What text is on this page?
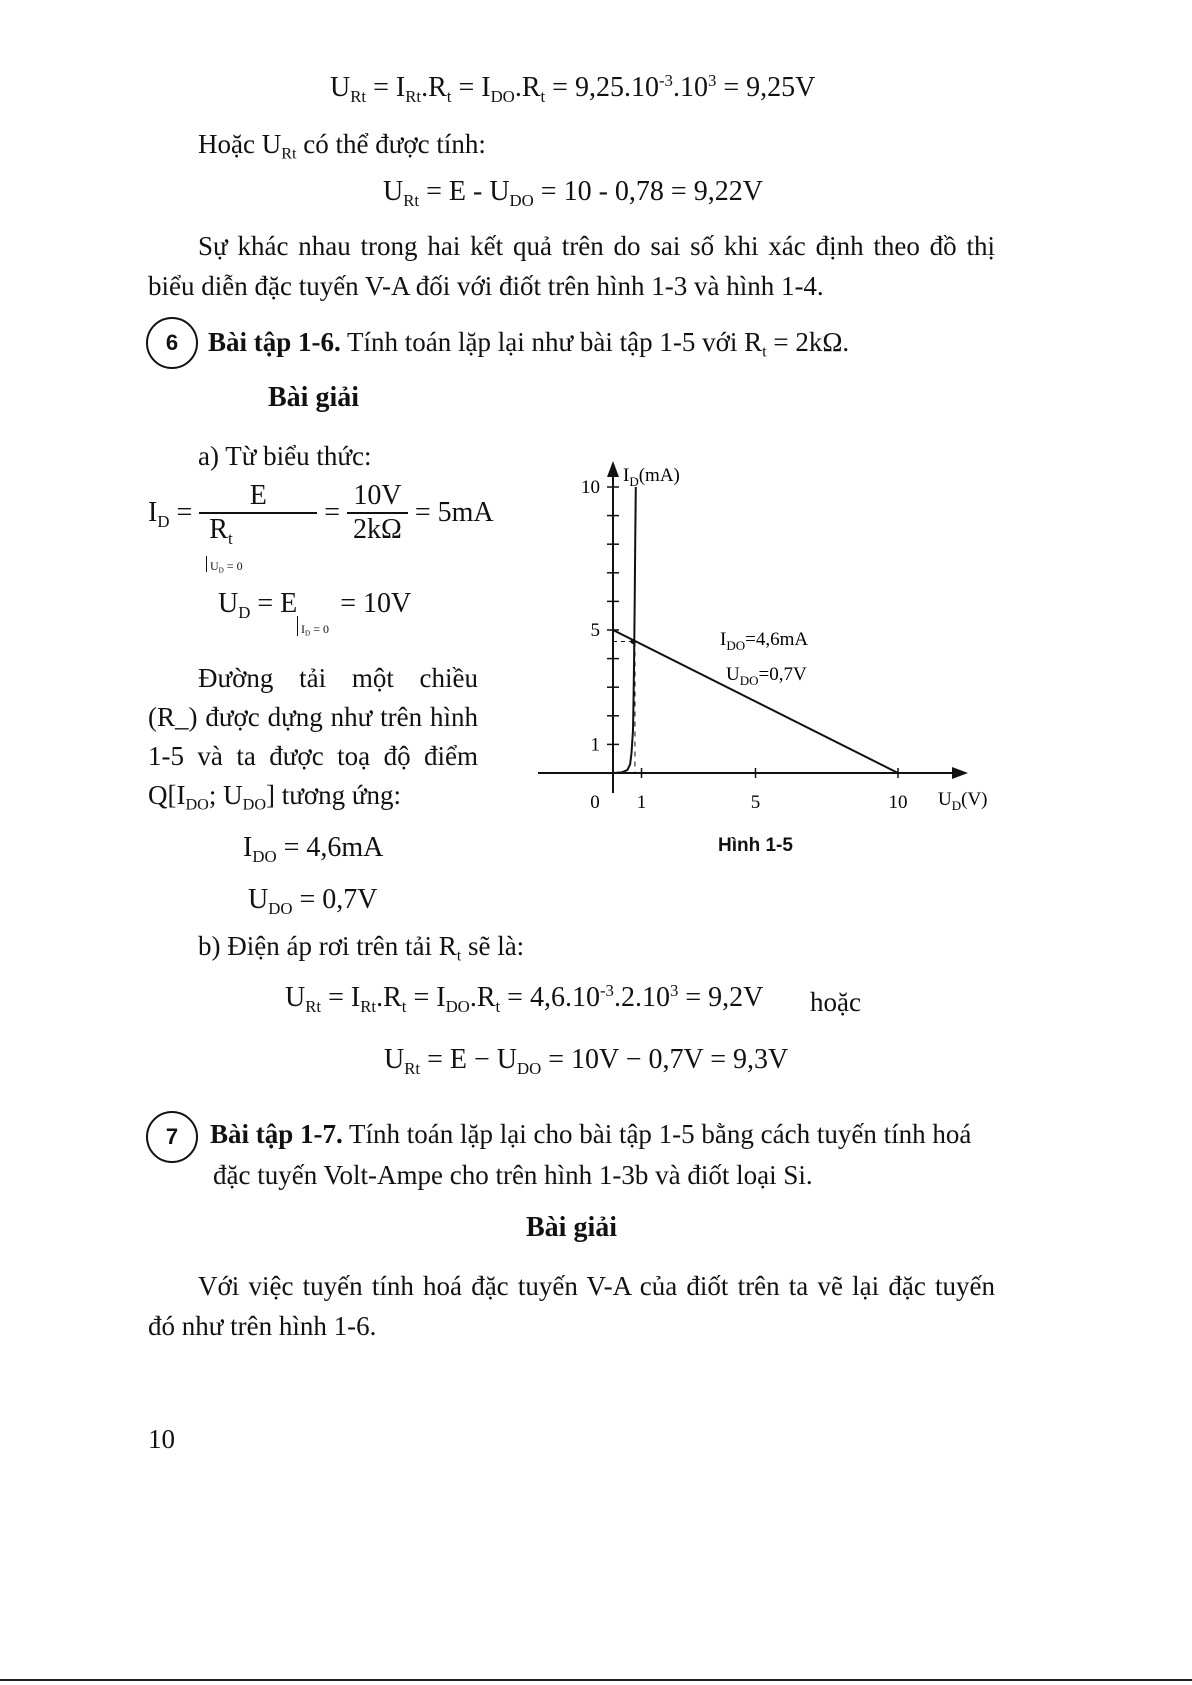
$U_{Rt} = I_{Rt}.R_t = I_{DO}.R_t = 9,25.10^{-3}.10^3 = 9,25V$
Hoặc $U_{Rt}$ có thể được tính:
$U_{Rt} = E - U_{DO} = 10 - 0,78 = 9,22V$
Sự khác nhau trong hai kết quả trên do sai số khi xác định theo đồ thị
biểu diễn đặc tuyến V-A đối với điốt trên hình 1-3 và hình 1-4.
6	Bài tập 1-6. Tính toán lặp lại như bài tập 1-5 với $R_t = 2k\Omega$.
Bài giải
a) Từ biểu thức:
$I_D = \frac{E}{R_t} = \frac{10V}{2k\Omega} = 5mA$
$U_D = 0$
$U_D = E = 10V$
$I_D = 0$
Đường tải một chiều
(R_) được dựng như trên hình
1-5 và ta được toạ độ điểm
$Q[I_{DO}$; $U_{DO}$] tương ứng:
$I_{DO} = 4,6mA$
$U_{DO} = 0,7V$
10
5
1
0 1	5	10
$I_D(mA)$
$U_D(V)$
$I_{DO}=4,6mA$
$U_{DO}=0,7V$
Hình 1-5
b) Điện áp rơi trên tải $R_t$ sẽ là:
$U_{Rt} = I_{Rt}.R_t = I_{DO}.R_t = 4,6.10^{-3}.2.10^3 = 9,2V$ hoặc
$U_{Rt} = E - U_{DO} = 10V - 0,7V = 9,3V$
7	Bài tập 1-7. Tính toán lặp lại cho bài tập 1-5 bằng cách tuyến tính hoá
đặc tuyến Volt-Ampe cho trên hình 1-3b và điốt loại Si.
Bài giải
Với việc tuyến tính hoá đặc tuyến V-A của điốt trên ta vẽ lại đặc tuyến
đó như trên hình 1-6.
10
